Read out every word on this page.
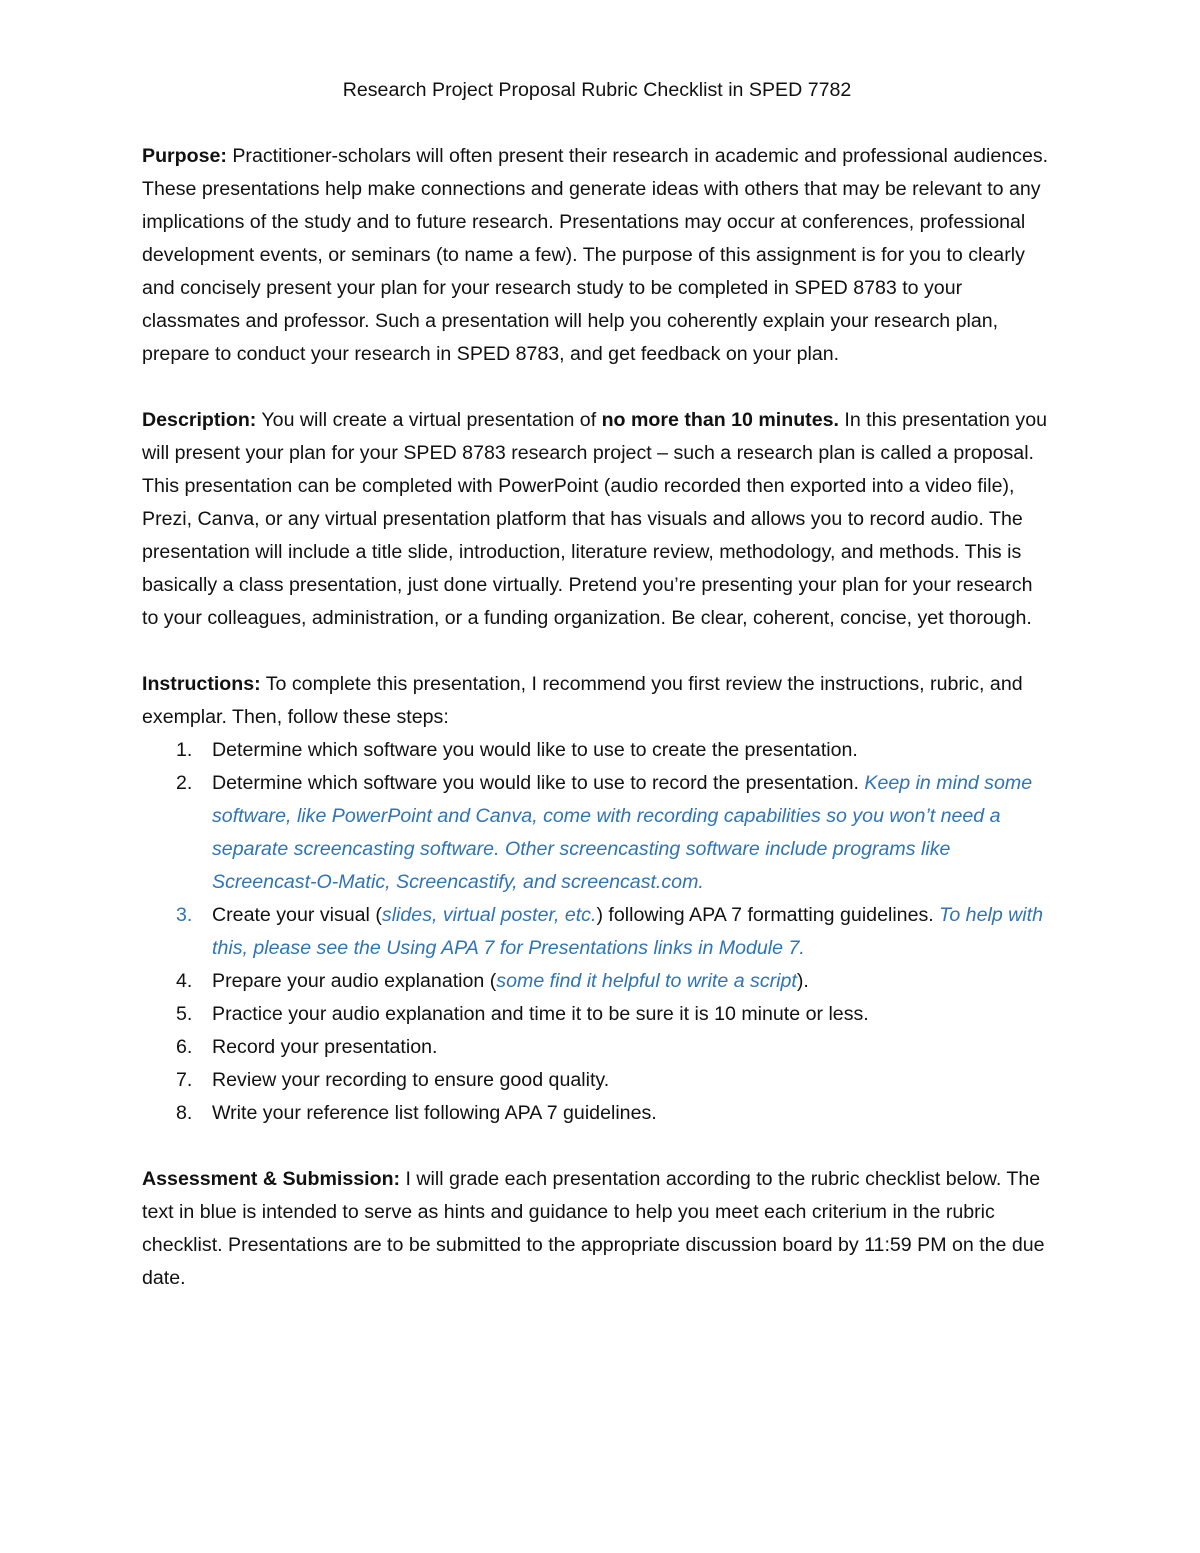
Research Project Proposal Rubric Checklist in SPED 7782

Purpose: Practitioner-scholars will often present their research in academic and professional audiences. These presentations help make connections and generate ideas with others that may be relevant to any implications of the study and to future research. Presentations may occur at conferences, professional development events, or seminars (to name a few). The purpose of this assignment is for you to clearly and concisely present your plan for your research study to be completed in SPED 8783 to your classmates and professor. Such a presentation will help you coherently explain your research plan, prepare to conduct your research in SPED 8783, and get feedback on your plan.

Description: You will create a virtual presentation of no more than 10 minutes. In this presentation you will present your plan for your SPED 8783 research project – such a research plan is called a proposal. This presentation can be completed with PowerPoint (audio recorded then exported into a video file), Prezi, Canva, or any virtual presentation platform that has visuals and allows you to record audio. The presentation will include a title slide, introduction, literature review, methodology, and methods. This is basically a class presentation, just done virtually. Pretend you’re presenting your plan for your research to your colleagues, administration, or a funding organization. Be clear, coherent, concise, yet thorough.

Instructions: To complete this presentation, I recommend you first review the instructions, rubric, and exemplar. Then, follow these steps:

1.	Determine which software you would like to use to create the presentation.
2.	Determine which software you would like to use to record the presentation. Keep in mind some software, like PowerPoint and Canva, come with recording capabilities so you won’t need a separate screencasting software. Other screencasting software include programs like Screencast-O-Matic, Screencastify, and screencast.com.
3.	Create your visual (slides, virtual poster, etc.) following APA 7 formatting guidelines. To help with this, please see the Using APA 7 for Presentations links in Module 7.
4.	Prepare your audio explanation (some find it helpful to write a script).
5.	Practice your audio explanation and time it to be sure it is 10 minute or less.
6.	Record your presentation.
7.	Review your recording to ensure good quality.
8.	Write your reference list following APA 7 guidelines.

Assessment & Submission: I will grade each presentation according to the rubric checklist below. The text in blue is intended to serve as hints and guidance to help you meet each criterium in the rubric checklist. Presentations are to be submitted to the appropriate discussion board by 11:59 PM on the due date.
